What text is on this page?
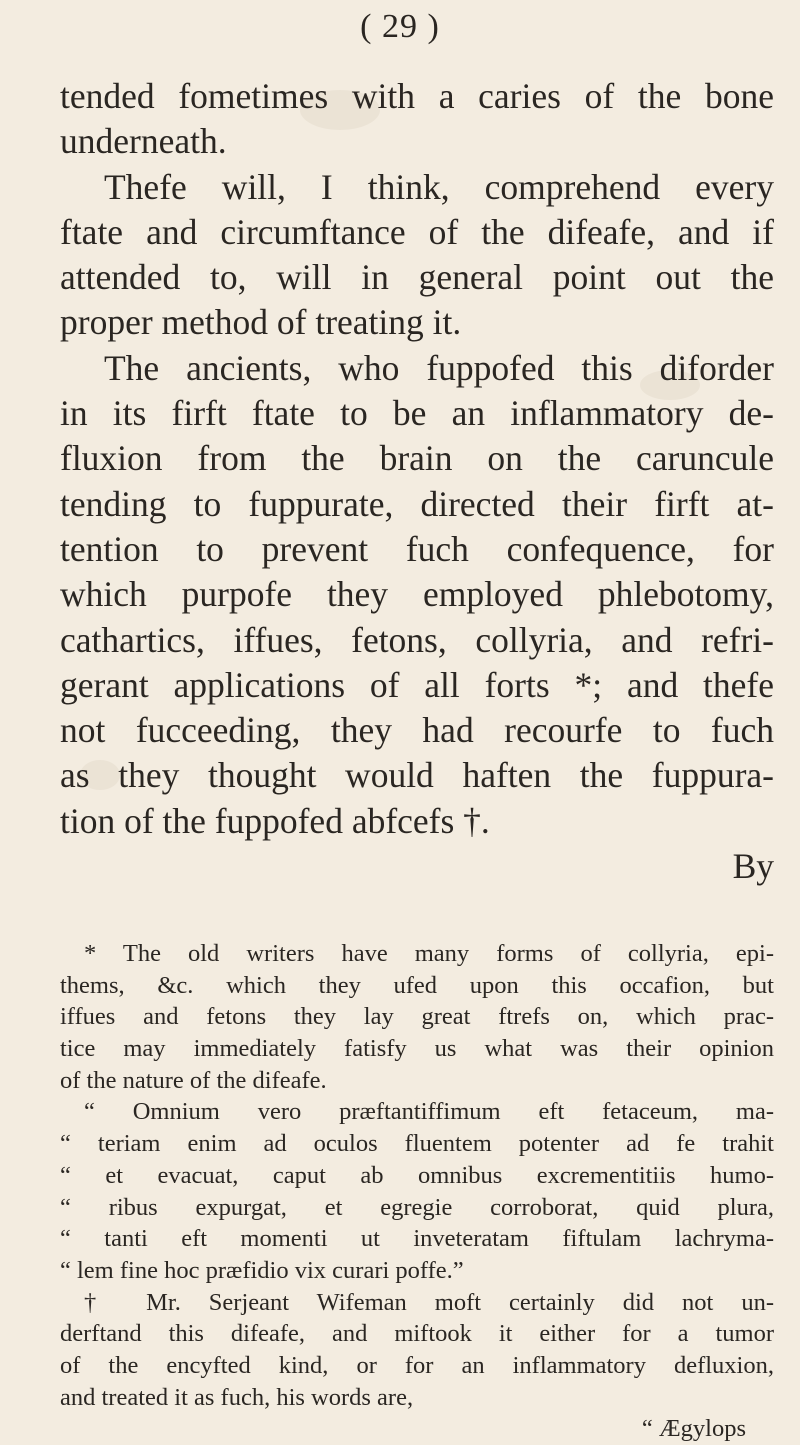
( 29 )
tended fometimes with a caries of the bone
underneath.
Thefe will, I think, comprehend every
ftate and circumftance of the difeafe, and if
attended to, will in general point out the
proper method of treating it.
The ancients, who fuppofed this diforder
in its firft ftate to be an inflammatory de-
fluxion from the brain on the caruncule
tending to fuppurate, directed their firft at-
tention to prevent fuch confequence, for
which purpofe they employed phlebotomy,
cathartics, iffues, fetons, collyria, and refri-
gerant applications of all forts *; and thefe
not fucceeding, they had recourfe to fuch
as they thought would haften the fuppura-
tion of the fuppofed abfcefs †.
By
* The old writers have many forms of collyria, epi-
thems, &c. which they ufed upon this occafion, but
iffues and fetons they lay great ftrefs on, which prac-
tice may immediately fatisfy us what was their opinion
of the nature of the difeafe.
“ Omnium vero præftantiffimum eft fetaceum, ma-
“ teriam enim ad oculos fluentem potenter ad fe trahit
“ et evacuat, caput ab omnibus excrementitiis humo-
“ ribus expurgat, et egregie corroborat, quid plura,
“ tanti eft momenti ut inveteratam fiftulam lachryma-
“ lem fine hoc præfidio vix curari poffe.”
† Mr. Serjeant Wifeman moft certainly did not un-
derftand this difeafe, and miftook it either for a tumor
of the encyfted kind, or for an inflammatory defluxion,
and treated it as fuch, his words are,
“ Ægylops
